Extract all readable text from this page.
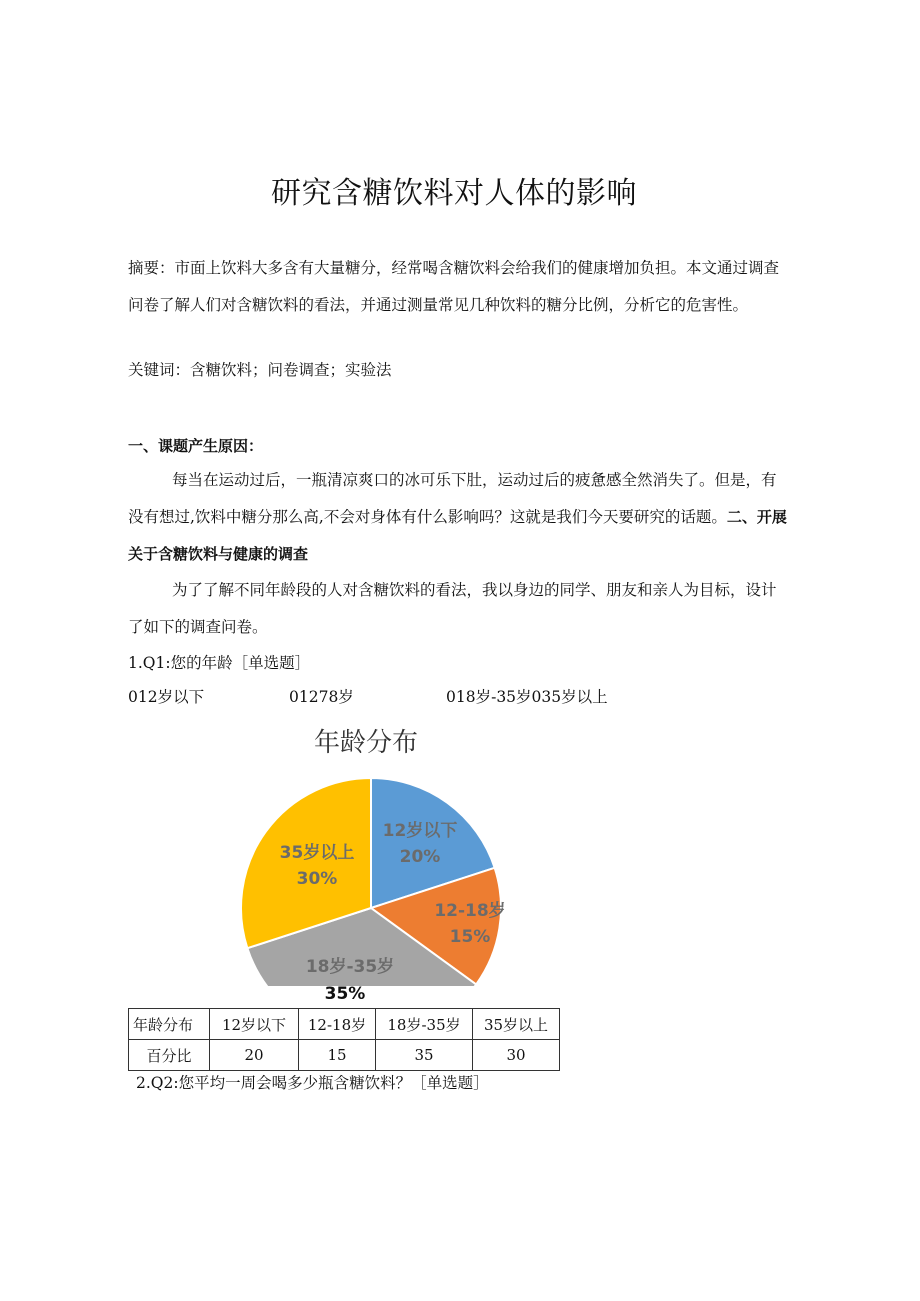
研究含糖饮料对人体的影响
摘要：市面上饮料大多含有大量糖分，经常喝含糖饮料会给我们的健康增加负担。本文通过调查问卷了解人们对含糖饮料的看法，并通过测量常见几种饮料的糖分比例，分析它的危害性。
关键词：含糖饮料；问卷调查；实验法
一、课题产生原因：
每当在运动过后，一瓶清凉爽口的冰可乐下肚，运动过后的疲惫感全然消失了。但是，有没有想过,饮料中糖分那么高,不会对身体有什么影响吗？这就是我们今天要研究的话题。二、开展关于含糖饮料与健康的调查
为了了解不同年龄段的人对含糖饮料的看法，我以身边的同学、朋友和亲人为目标，设计了如下的调查问卷。
1.Q1:您的年龄［单选题］
012岁以下	01278岁	018岁-35岁035岁以上
年龄分布
12岁以下
20%
12-18岁
15%
18岁-35岁
35%
35岁以上
30%
年龄分布	12岁以下	12-18岁	18岁-35岁	35岁以上
百分比	20	15	35	30
2.Q2:您平均一周会喝多少瓶含糖饮料？［单选题］
